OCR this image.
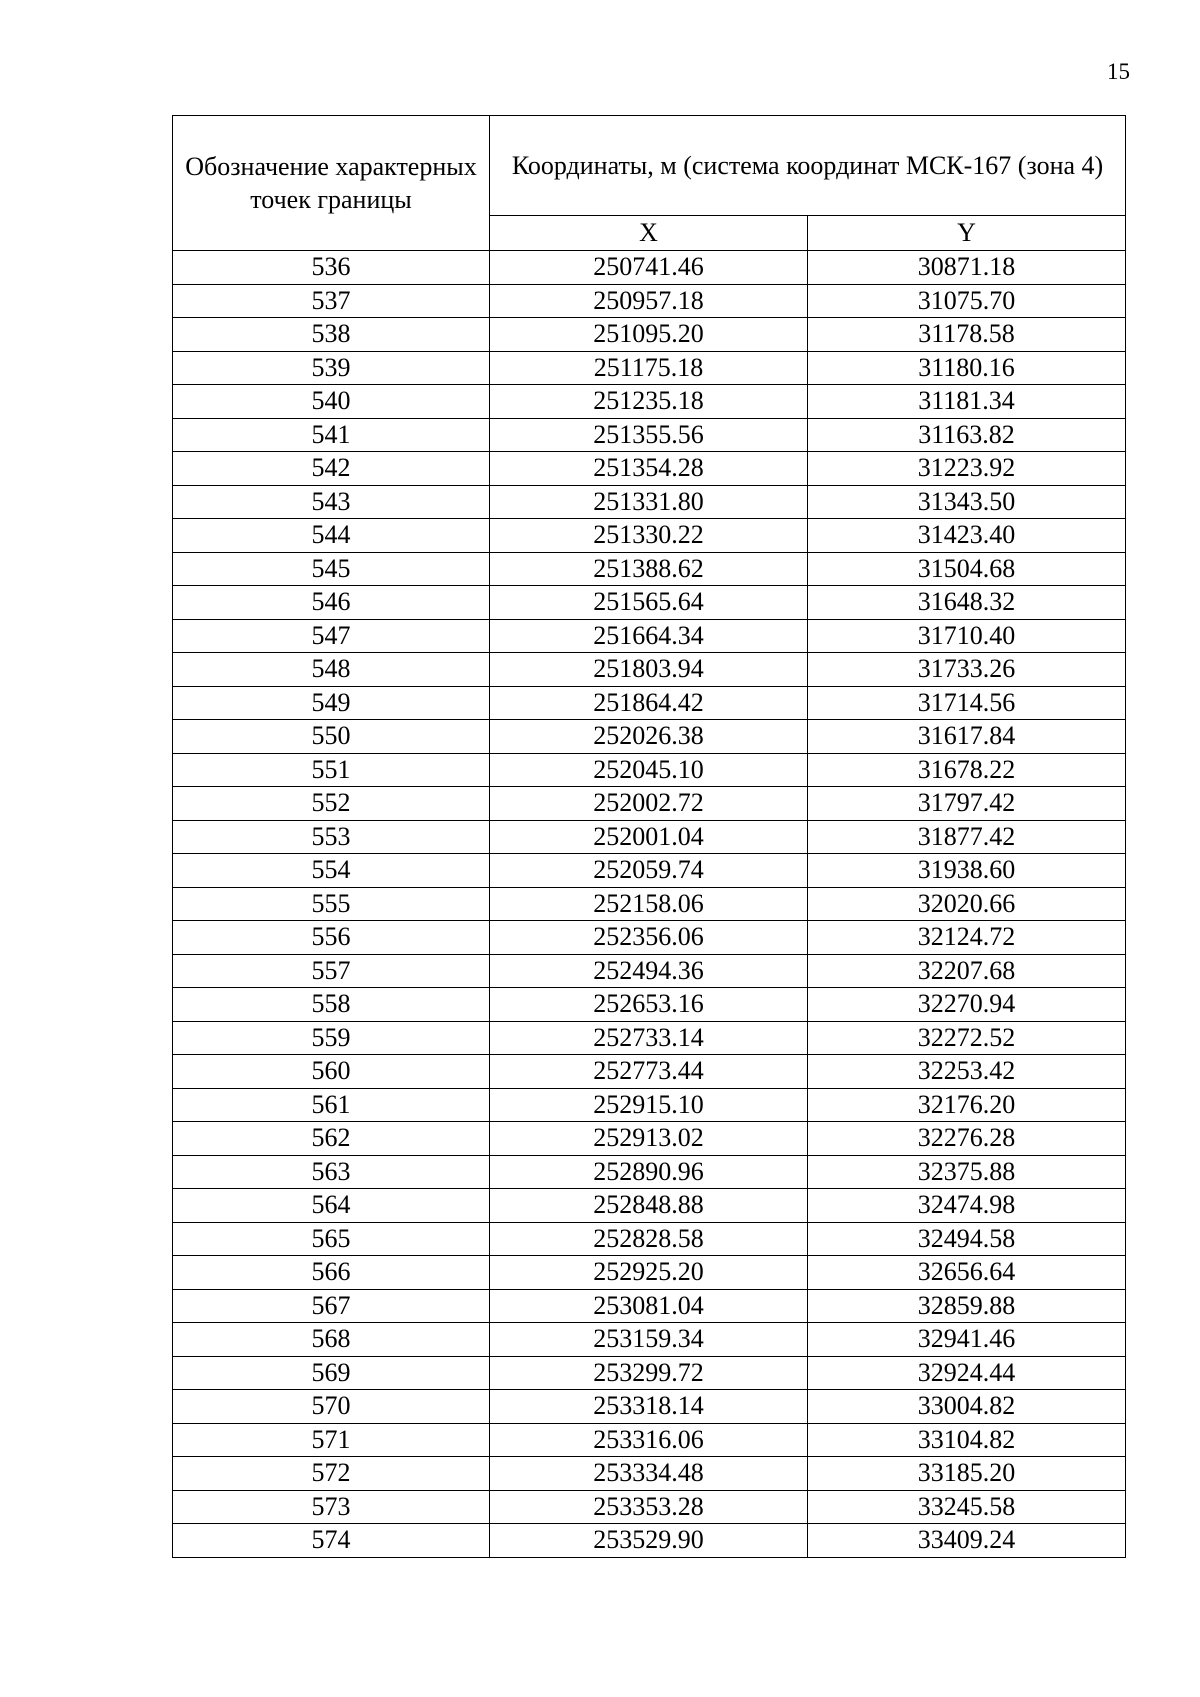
15
Обозначение характерных точек границы	Координаты, м (система координат МСК-167 (зона 4)	

	X	Y
536	250741.46	30871.18
537	250957.18	31075.70
538	251095.20	31178.58
539	251175.18	31180.16
540	251235.18	31181.34
541	251355.56	31163.82
542	251354.28	31223.92
543	251331.80	31343.50
544	251330.22	31423.40
545	251388.62	31504.68
546	251565.64	31648.32
547	251664.34	31710.40
548	251803.94	31733.26
549	251864.42	31714.56
550	252026.38	31617.84
551	252045.10	31678.22
552	252002.72	31797.42
553	252001.04	31877.42
554	252059.74	31938.60
555	252158.06	32020.66
556	252356.06	32124.72
557	252494.36	32207.68
558	252653.16	32270.94
559	252733.14	32272.52
560	252773.44	32253.42
561	252915.10	32176.20
562	252913.02	32276.28
563	252890.96	32375.88
564	252848.88	32474.98
565	252828.58	32494.58
566	252925.20	32656.64
567	253081.04	32859.88
568	253159.34	32941.46
569	253299.72	32924.44
570	253318.14	33004.82
571	253316.06	33104.82
572	253334.48	33185.20
573	253353.28	33245.58
574	253529.90	33409.24
